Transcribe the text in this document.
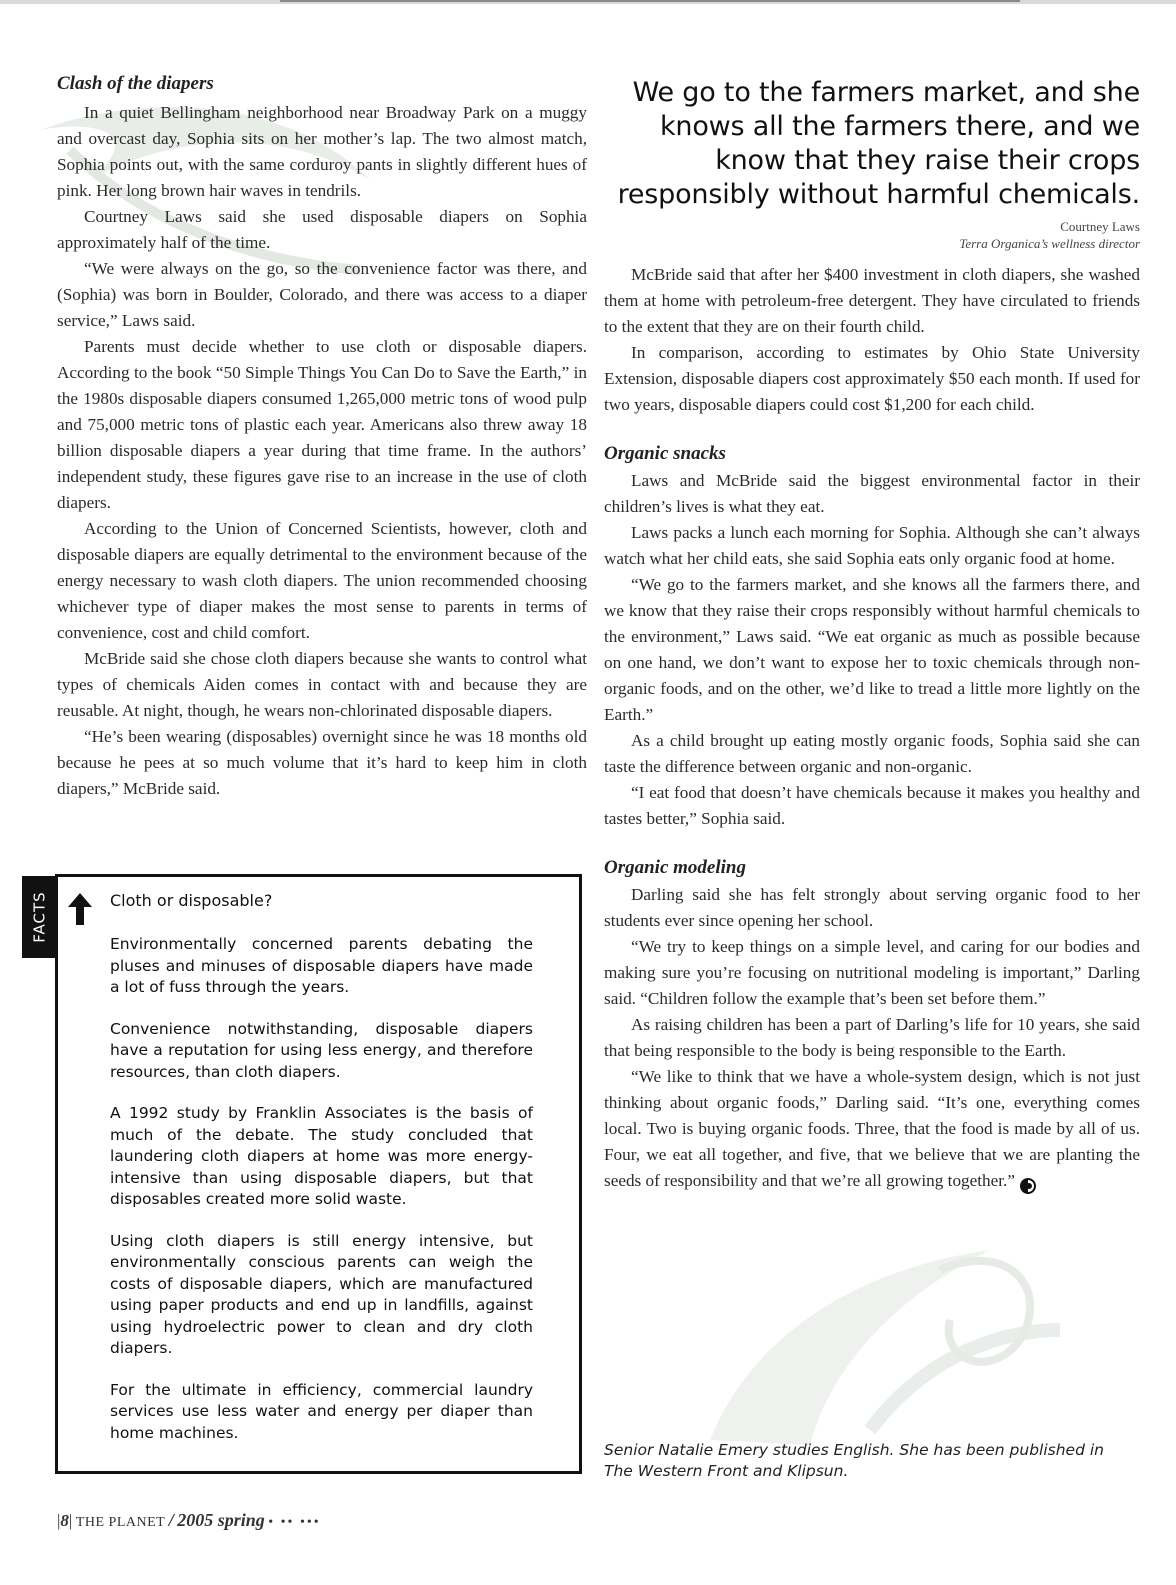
Clash of the diapers

In a quiet Bellingham neighborhood near Broadway Park on a muggy and overcast day, Sophia sits on her mother’s lap. The two almost match, Sophia points out, with the same corduroy pants in slightly different hues of pink. Her long brown hair waves in tendrils.

Courtney Laws said she used disposable diapers on Sophia approximately half of the time.

“We were always on the go, so the convenience factor was there, and (Sophia) was born in Boulder, Colorado, and there was access to a diaper service,” Laws said.

Parents must decide whether to use cloth or disposable diapers. According to the book “50 Simple Things You Can Do to Save the Earth,” in the 1980s disposable diapers consumed 1,265,000 metric tons of wood pulp and 75,000 metric tons of plastic each year. Americans also threw away 18 billion disposable diapers a year during that time frame. In the authors’ independent study, these figures gave rise to an increase in the use of cloth diapers.

According to the Union of Concerned Scientists, however, cloth and disposable diapers are equally detrimental to the environment because of the energy necessary to wash cloth diapers. The union recommended choosing whichever type of diaper makes the most sense to parents in terms of convenience, cost and child comfort.

McBride said she chose cloth diapers because she wants to control what types of chemicals Aiden comes in contact with and because they are reusable. At night, though, he wears non-chlorinated disposable diapers.

“He’s been wearing (disposables) overnight since he was 18 months old because he pees at so much volume that it’s hard to keep him in cloth diapers,” McBride said.

FACTS	Cloth or disposable?

Environmentally concerned parents debating the pluses and minuses of disposable diapers have made a lot of fuss through the years.

Convenience notwithstanding, disposable diapers have a reputation for using less energy, and therefore resources, than cloth diapers.

A 1992 study by Franklin Associates is the basis of much of the debate. The study concluded that laundering cloth diapers at home was more energy-intensive than using disposable diapers, but that disposables created more solid waste.

Using cloth diapers is still energy intensive, but environmentally conscious parents can weigh the costs of disposable diapers, which are manufactured using paper products and end up in landfills, against using hydroelectric power to clean and dry cloth diapers.

For the ultimate in efficiency, commercial laundry services use less water and energy per diaper than home machines.

We go to the farmers market, and she knows all the farmers there, and we know that they raise their crops responsibly without harmful chemicals.
Courtney Laws
Terra Organica’s wellness director

McBride said that after her $400 investment in cloth diapers, she washed them at home with petroleum-free detergent. They have circulated to friends to the extent that they are on their fourth child.

In comparison, according to estimates by Ohio State University Extension, disposable diapers cost approximately $50 each month. If used for two years, disposable diapers could cost $1,200 for each child.

Organic snacks

Laws and McBride said the biggest environmental factor in their children’s lives is what they eat.

Laws packs a lunch each morning for Sophia. Although she can’t always watch what her child eats, she said Sophia eats only organic food at home.

“We go to the farmers market, and she knows all the farmers there, and we know that they raise their crops responsibly without harmful chemicals to the environment,” Laws said. “We eat organic as much as possible because on one hand, we don’t want to expose her to toxic chemicals through non-organic foods, and on the other, we’d like to tread a little more lightly on the Earth.”

As a child brought up eating mostly organic foods, Sophia said she can taste the difference between organic and non-organic.

“I eat food that doesn’t have chemicals because it makes you healthy and tastes better,” Sophia said.

Organic modeling

Darling said she has felt strongly about serving organic food to her students ever since opening her school.

“We try to keep things on a simple level, and caring for our bodies and making sure you’re focusing on nutritional modeling is important,” Darling said. “Children follow the example that’s been set before them.”

As raising children has been a part of Darling’s life for 10 years, she said that being responsible to the body is being responsible to the Earth.

“We like to think that we have a whole-system design, which is not just thinking about organic foods,” Darling said. “It’s one, everything comes local. Two is buying organic foods. Three, that the food is made by all of us. Four, we eat all together, and five, that we believe that we are planting the seeds of responsibility and that we’re all growing together.”

Senior Natalie Emery studies English. She has been published in The Western Front and Klipsun.
|8| THE PLANET / 2005 spring • •• •••
